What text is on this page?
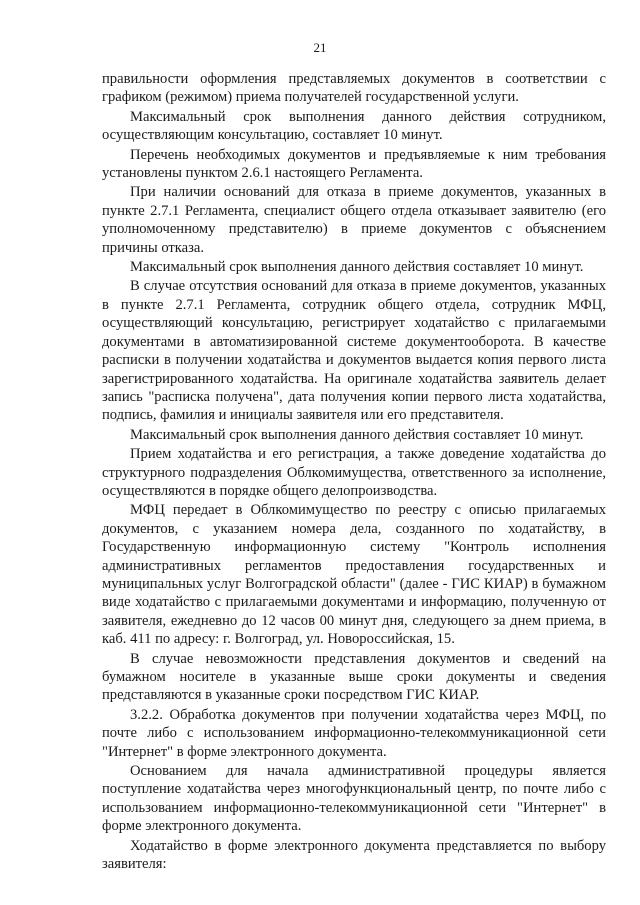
21

правильности оформления представляемых документов в соответствии с графиком (режимом) приема получателей государственной услуги.

Максимальный срок выполнения данного действия сотрудником, осуществляющим консультацию, составляет 10 минут.

Перечень необходимых документов и предъявляемые к ним требования установлены пунктом 2.6.1 настоящего Регламента.

При наличии оснований для отказа в приеме документов, указанных в пункте 2.7.1 Регламента, специалист общего отдела отказывает заявителю (его уполномоченному представителю) в приеме документов с объяснением причины отказа.

Максимальный срок выполнения данного действия составляет 10 минут.

В случае отсутствия оснований для отказа в приеме документов, указанных в пункте 2.7.1 Регламента, сотрудник общего отдела, сотрудник МФЦ, осуществляющий консультацию, регистрирует ходатайство с прилагаемыми документами в автоматизированной системе документооборота. В качестве расписки в получении ходатайства и документов выдается копия первого листа зарегистрированного ходатайства. На оригинале ходатайства заявитель делает запись "расписка получена", дата получения копии первого листа ходатайства, подпись, фамилия и инициалы заявителя или его представителя.

Максимальный срок выполнения данного действия составляет 10 минут.

Прием ходатайства и его регистрация, а также доведение ходатайства до структурного подразделения Облкомимущества, ответственного за исполнение, осуществляются в порядке общего делопроизводства.

МФЦ передает в Облкомимущество по реестру с описью прилагаемых документов, с указанием номера дела, созданного по ходатайству, в Государственную информационную систему "Контроль исполнения административных регламентов предоставления государственных и муниципальных услуг Волгоградской области" (далее - ГИС КИАР) в бумажном виде ходатайство с прилагаемыми документами и информацию, полученную от заявителя, ежедневно до 12 часов 00 минут дня, следующего за днем приема, в каб. 411 по адресу: г. Волгоград, ул. Новороссийская, 15.

В случае невозможности представления документов и сведений на бумажном носителе в указанные выше сроки документы и сведения представляются в указанные сроки посредством ГИС КИАР.

3.2.2. Обработка документов при получении ходатайства через МФЦ, по почте либо с использованием информационно-телекоммуникационной сети "Интернет" в форме электронного документа.

Основанием для начала административной процедуры является поступление ходатайства через многофункциональный центр, по почте либо с использованием информационно-телекоммуникационной сети "Интернет" в форме электронного документа.

Ходатайство в форме электронного документа представляется по выбору заявителя:
